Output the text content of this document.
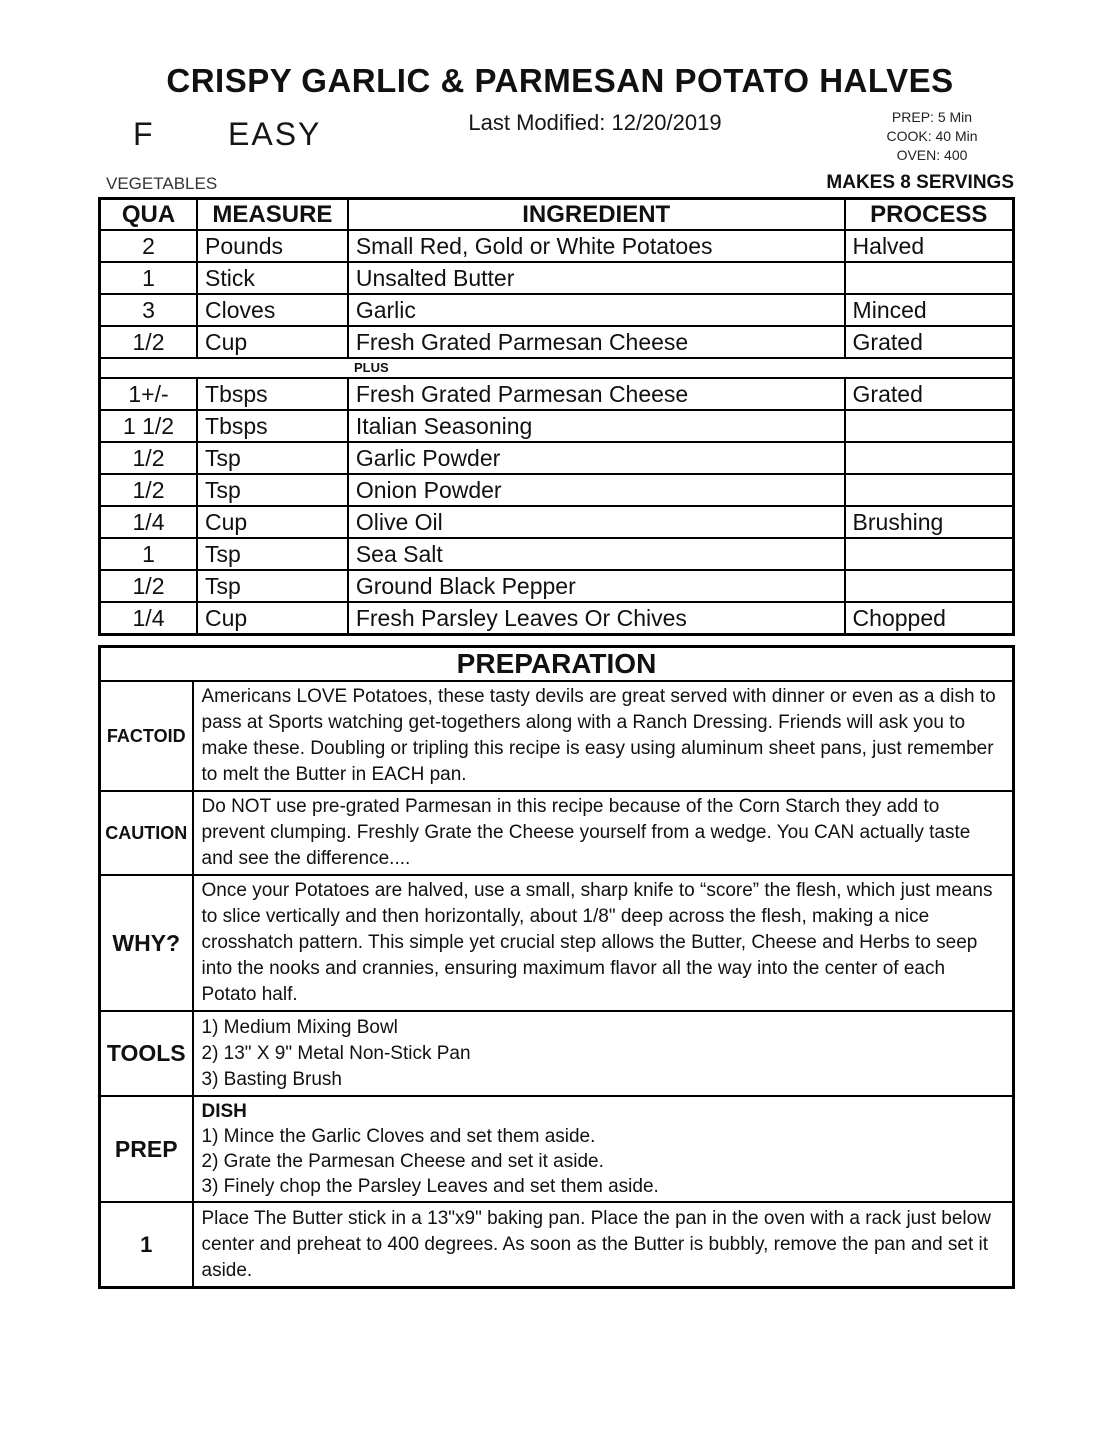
CRISPY GARLIC & PARMESAN POTATO HALVES
Last Modified: 12/20/2019
F EASY	PREP: 5 Min
COOK: 40 Min
OVEN: 400
VEGETABLES	MAKES 8 SERVINGS
QUA	MEASURE	INGREDIENT	PROCESS
2	Pounds	Small Red, Gold or White Potatoes	Halved
1	Stick	Unsalted Butter	
3	Cloves	Garlic	Minced
1/2	Cup	Fresh Grated Parmesan Cheese	Grated
PLUS			
1+/-	Tbsps	Fresh Grated Parmesan Cheese	Grated
1 1/2	Tbsps	Italian Seasoning	
1/2	Tsp	Garlic Powder	
1/2	Tsp	Onion Powder	
1/4	Cup	Olive Oil	Brushing
1	Tsp	Sea Salt	
1/2	Tsp	Ground Black Pepper	
1/4	Cup	Fresh Parsley Leaves Or Chives	Chopped
PREPARATION	
FACTOID	Americans LOVE Potatoes, these tasty devils are great served with dinner or even as a dish to pass at Sports watching get-togethers along with a Ranch Dressing. Friends will ask you to make these. Doubling or tripling this recipe is easy using aluminum sheet pans, just remember to melt the Butter in EACH pan.
CAUTION	Do NOT use pre-grated Parmesan in this recipe because of the Corn Starch they add to prevent clumping. Freshly Grate the Cheese yourself from a wedge. You CAN actually taste and see the difference....
WHY?	Once your Potatoes are halved, use a small, sharp knife to “score” the flesh, which just means to slice vertically and then horizontally, about 1/8" deep across the flesh, making a nice crosshatch pattern. This simple yet crucial step allows the Butter, Cheese and Herbs to seep into the nooks and crannies, ensuring maximum flavor all the way into the center of each Potato half.
TOOLS	1) Medium Mixing Bowl
2) 13" X 9" Metal Non-Stick Pan
3) Basting Brush

PREP	DISH
1) Mince the Garlic Cloves and set them aside.
2) Grate the Parmesan Cheese and set it aside.
3) Finely chop the Parsley Leaves and set them aside.

1	Place The Butter stick in a 13"x9" baking pan. Place the pan in the oven with a rack just below center and preheat to 400 degrees. As soon as the Butter is bubbly, remove the pan and set it aside.
